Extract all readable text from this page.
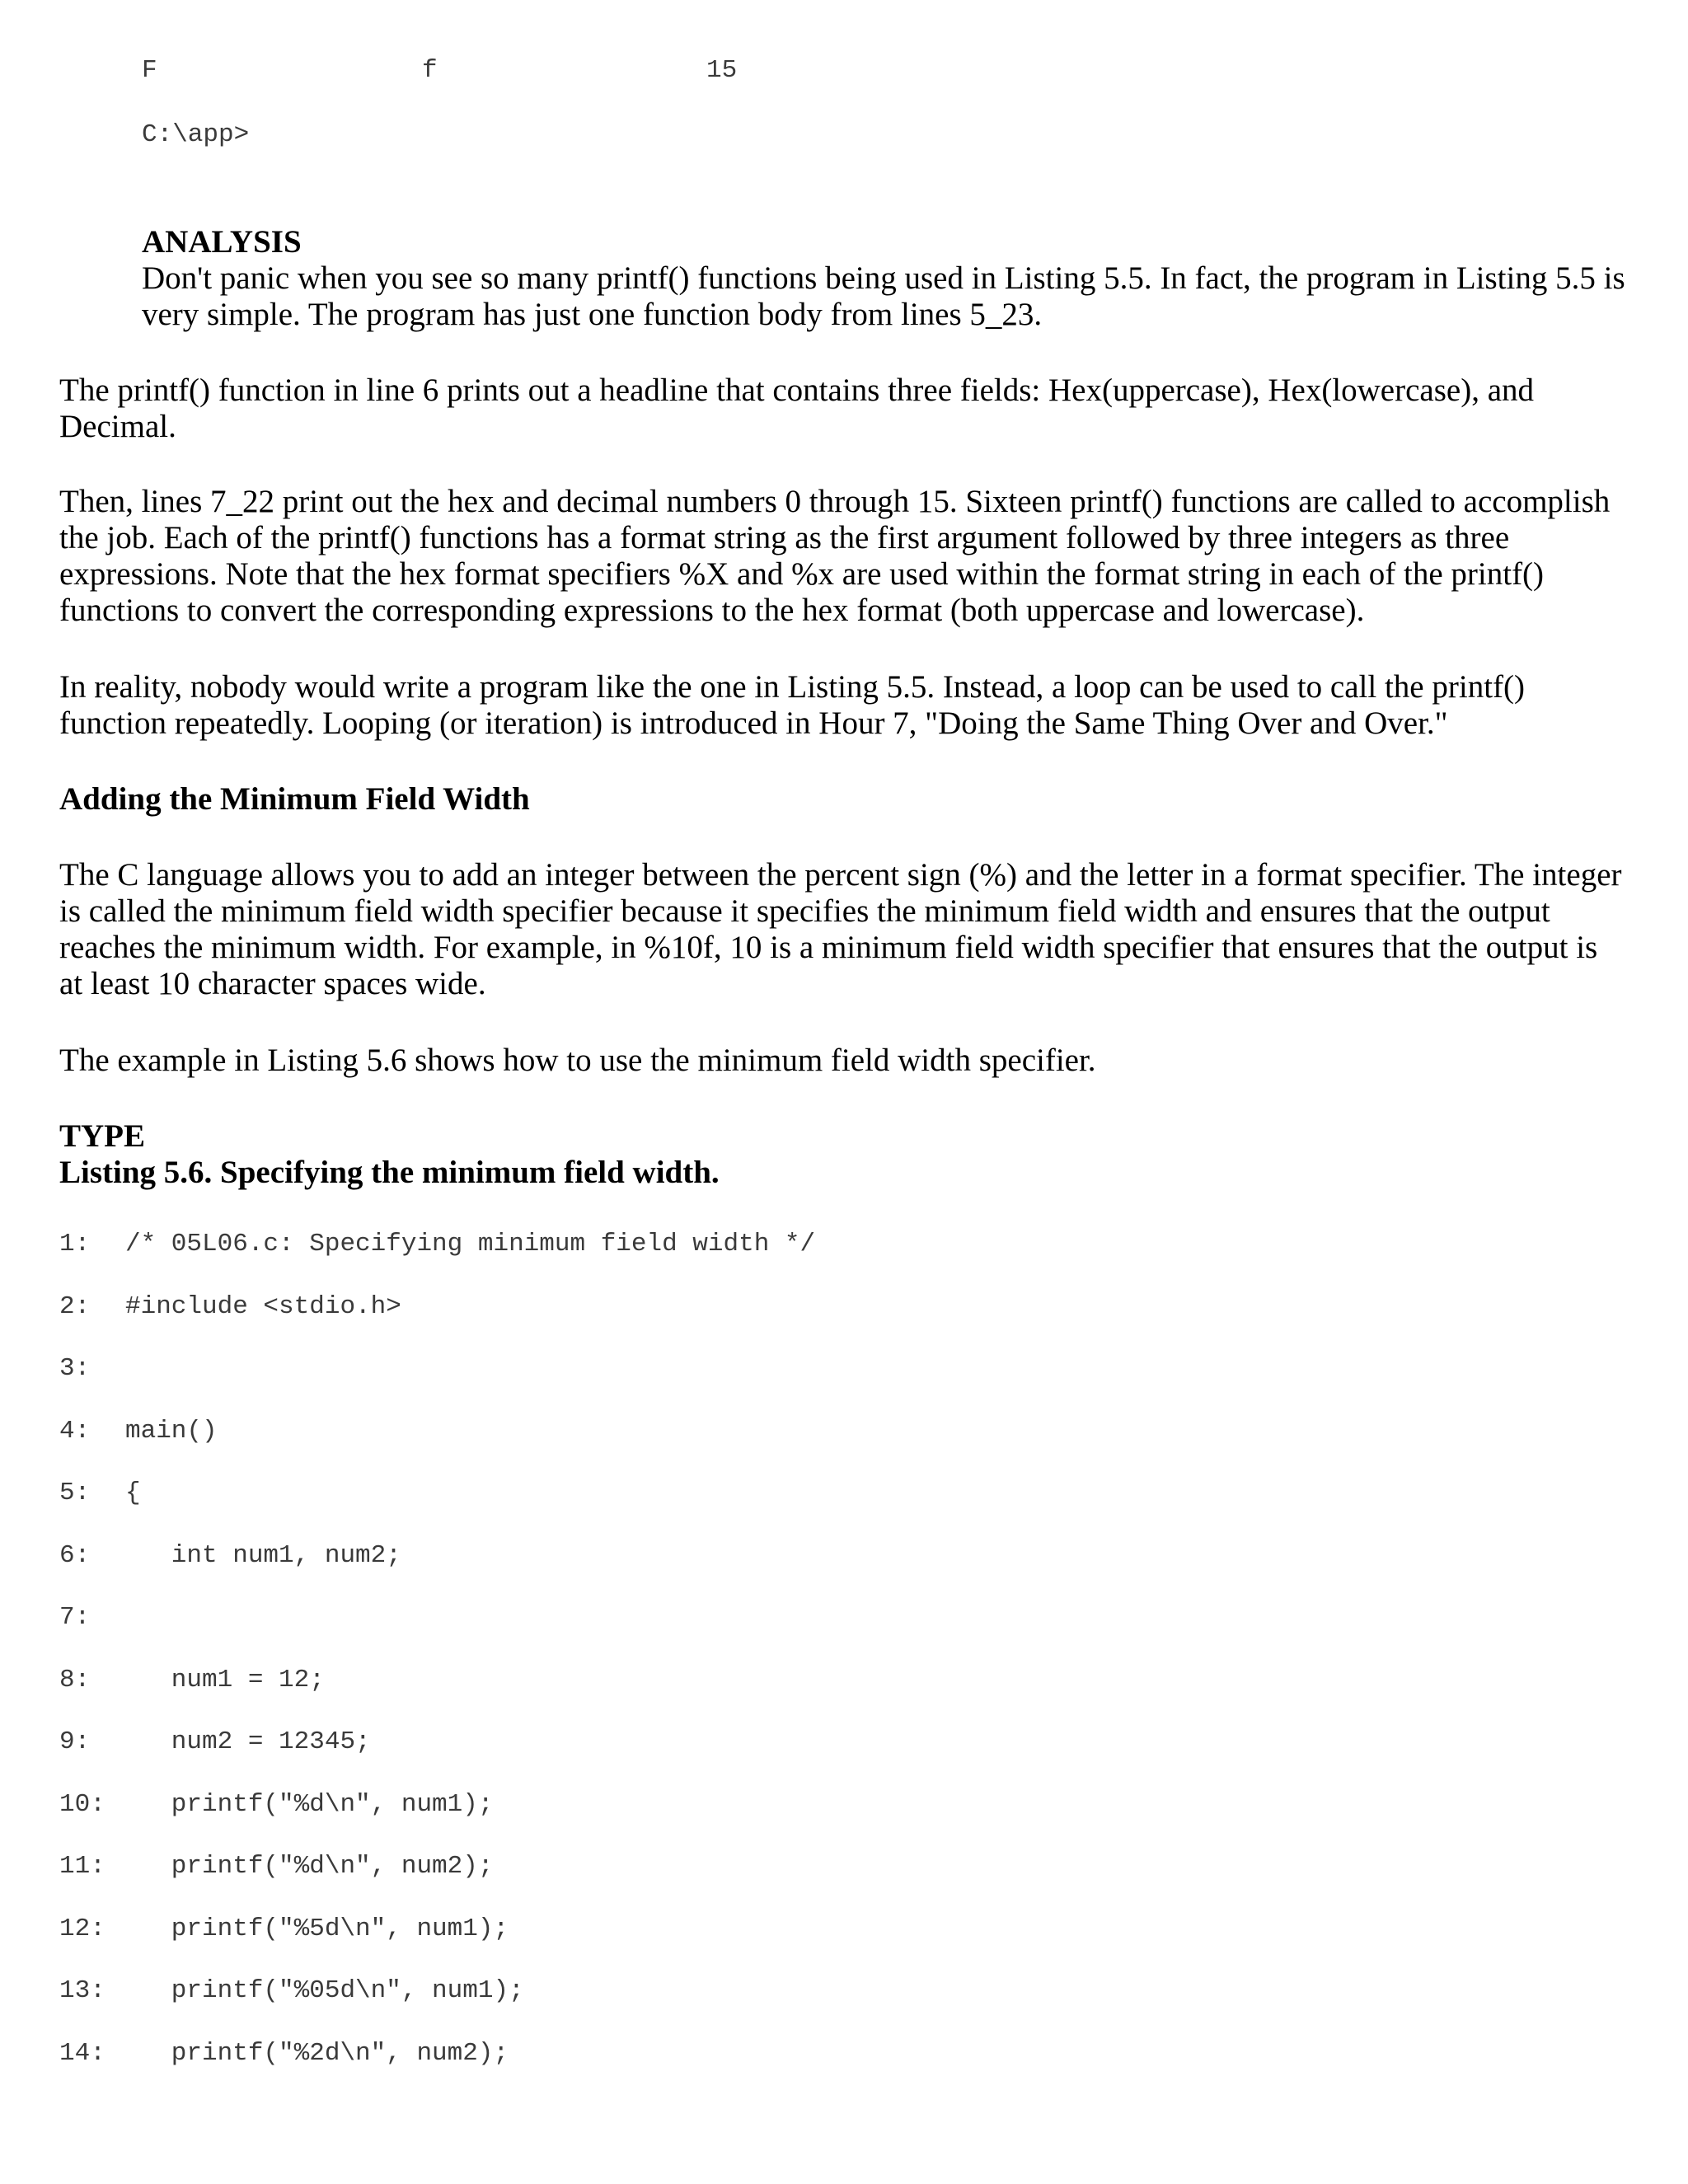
F

	f

	15

C:\app>
ANALYSIS
Don't panic when you see so many printf() functions being used in Listing 5.5. In fact, the program in Listing 5.5 is very simple. The program has just one function body from lines 5_23.
The printf() function in line 6 prints out a headline that contains three fields: Hex(uppercase), Hex(lowercase), and Decimal.
Then, lines 7_22 print out the hex and decimal numbers 0 through 15. Sixteen printf() functions are called to accomplish the job. Each of the printf() functions has a format string as the first argument followed by three integers as three expressions. Note that the hex format specifiers %X and %x are used within the format string in each of the printf() functions to convert the corresponding expressions to the hex format (both uppercase and lowercase).
In reality, nobody would write a program like the one in Listing 5.5. Instead, a loop can be used to call the printf() function repeatedly. Looping (or iteration) is introduced in Hour 7, "Doing the Same Thing Over and Over."
Adding the Minimum Field Width
The C language allows you to add an integer between the percent sign (%) and the letter in a format specifier. The integer is called the minimum field width specifier because it specifies the minimum field width and ensures that the output reaches the minimum width. For example, in %10f, 10 is a minimum field width specifier that ensures that the output is at least 10 character spaces wide.
The example in Listing 5.6 shows how to use the minimum field width specifier.
TYPE
Listing 5.6. Specifying the minimum field width.
1: /* 05L06.c: Specifying minimum field width */
2: #include <stdio.h>
3:
4: main()
5: {
6: int num1, num2;
7:
8: num1 = 12;
9: num2 = 12345;
10: printf("%d\n", num1);
11: printf("%d\n", num2);
12: printf("%5d\n", num1);
13: printf("%05d\n", num1);
14: printf("%2d\n", num2);
